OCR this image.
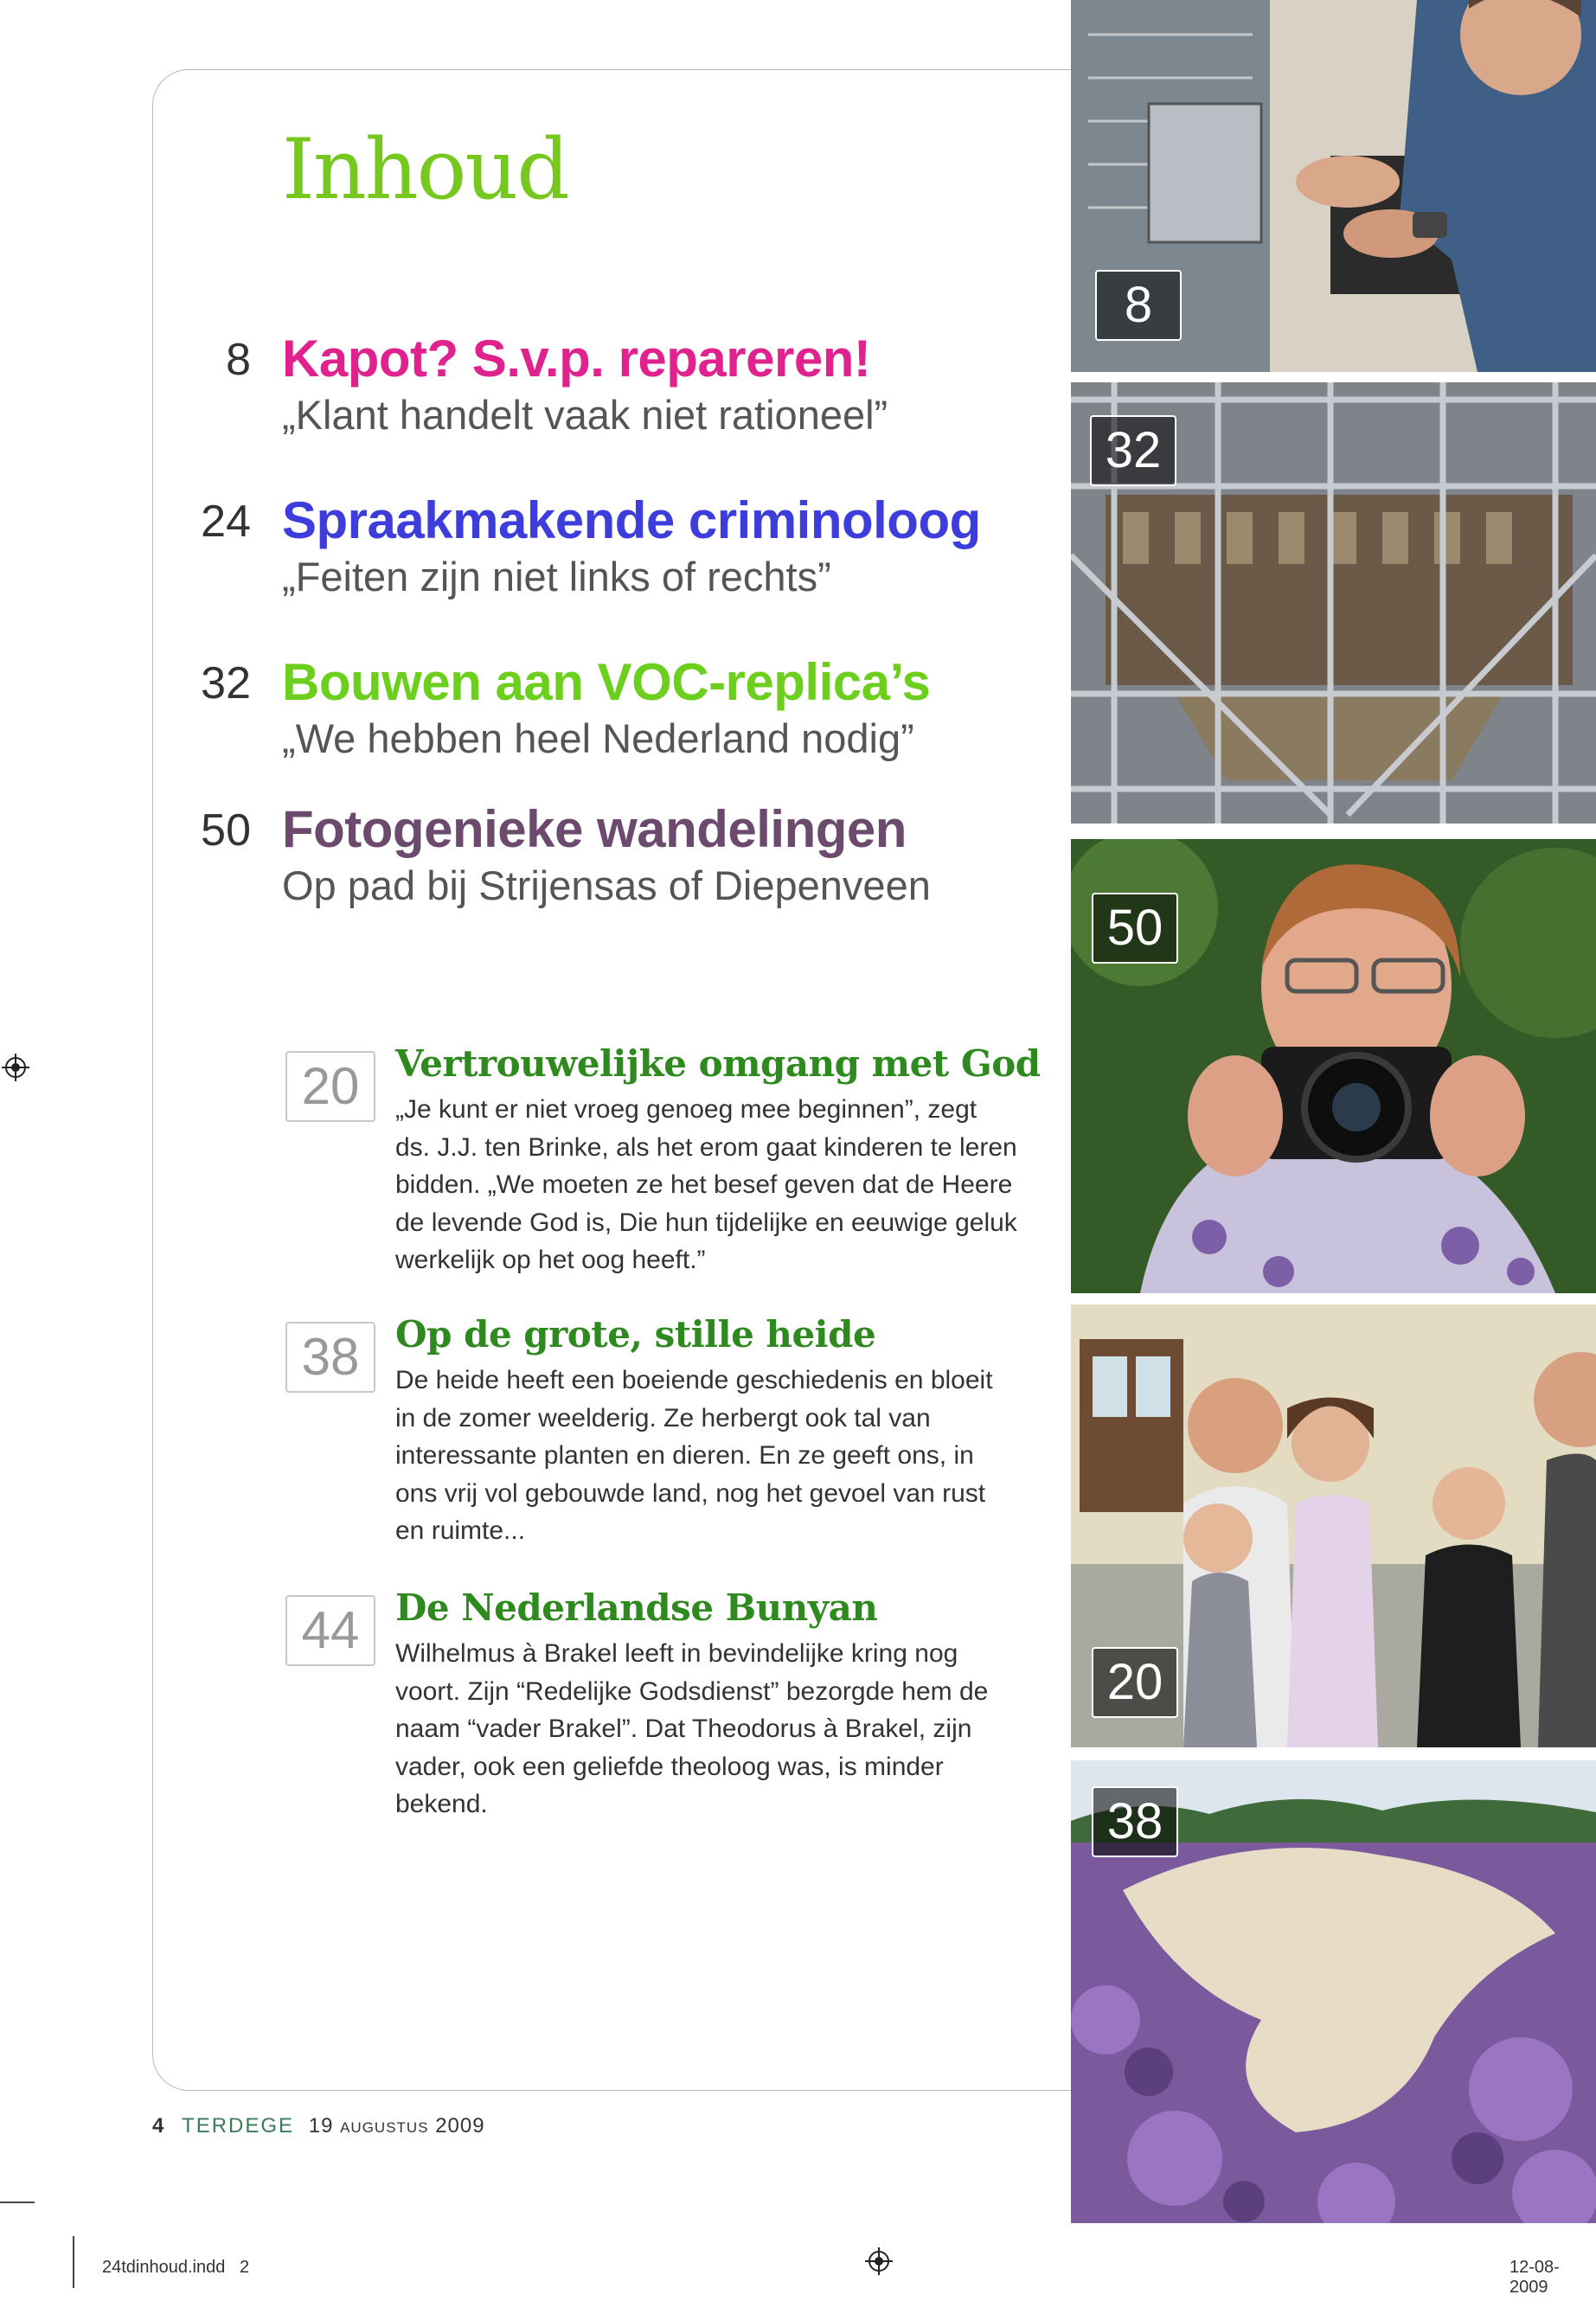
Inhoud
8 Kapot? S.v.p. repareren!
„Klant handelt vaak niet rationeel”
24 Spraakmakende criminoloog
„Feiten zijn niet links of rechts”
32 Bouwen aan VOC-replica’s
„We hebben heel Nederland nodig”
50 Fotogenieke wandelingen
Op pad bij Strijensas of Diepenveen
20 Vertrouwelijke omgang met God

„Je kunt er niet vroeg genoeg mee beginnen”, zegt ds. J.J. ten Brinke, als het erom gaat kinderen te leren bidden. „We moeten ze het besef geven dat de Heere de levende God is, Die hun tijdelijke en eeuwige geluk werkelijk op het oog heeft.”

38 Op de grote, stille heide

De heide heeft een boeiende geschiedenis en bloeit in de zomer weelderig. Ze herbergt ook tal van interessante planten en dieren. En ze geeft ons, in ons vrij vol gebouwde land, nog het gevoel van rust en ruimte...

44 De Nederlandse Bunyan

Wilhelmus à Brakel leeft in bevindelijke kring nog voort. Zijn “Redelijke Godsdienst” bezorgde hem de naam “vader Brakel”. Dat Theodorus à Brakel, zijn vader, ook een geliefde theoloog was, is minder bekend.

4 TERDEGE 19 augustus 2009
8
32
50
20
38
24tdinhoud.indd   2	12-08-2009
